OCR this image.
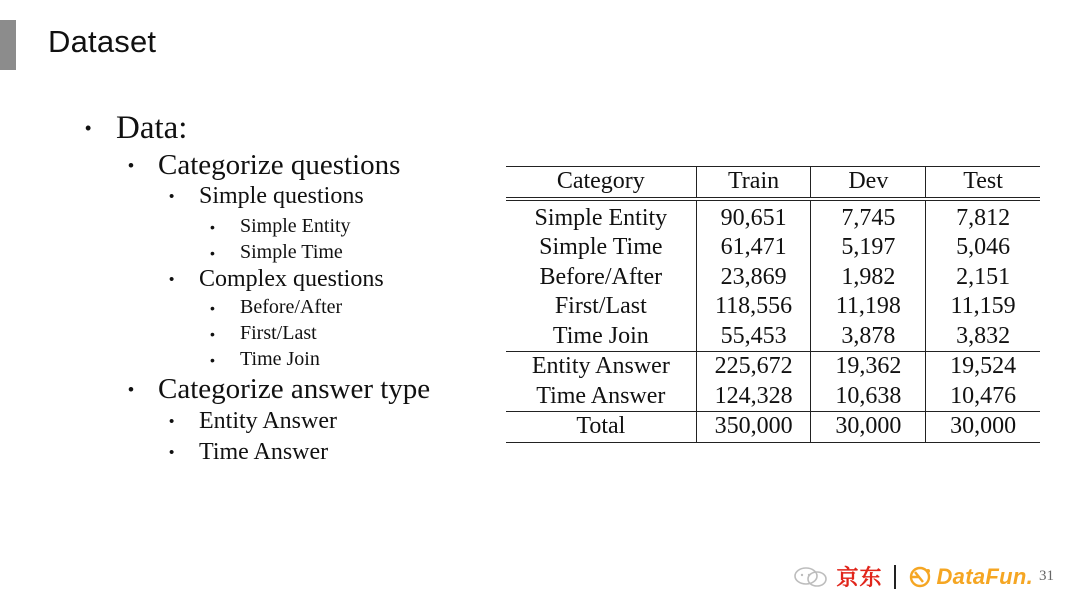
Dataset
• Data:
• Categorize questions
•	Simple questions
•	Simple Entity
•	Simple Time
•	Complex questions
•	Before/After
•	First/Last
•	Time Join
• Categorize answer type
•	Entity Answer
•	Time Answer
Category	Train	Dev	Test
Simple Entity	90,651	7,745	7,812
Simple Time	61,471	5,197	5,046
Before/After	23,869	1,982	2,151
First/Last	118,556	11,198	11,159
Time Join	55,453	3,878	3,832
Entity Answer	225,672	19,362	19,524
Time Answer	124,328	10,638	10,476
Total	350,000	30,000	30,000
京东 DataFun. 31
